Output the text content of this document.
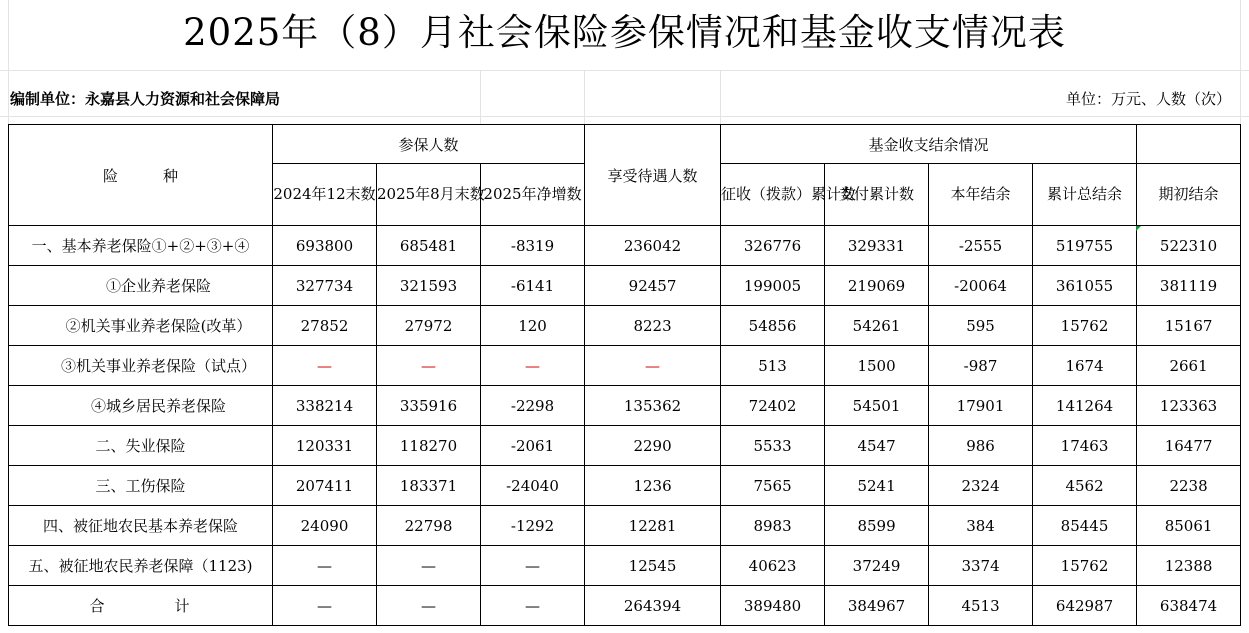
2025年（8）月社会保险参保情况和基金收支情况表
编制单位：永嘉县人力资源和社会保障局	单位：万元、人数（次）
险　　　种	参保人数			享受待遇人数	基金收支结余情况				
	2024年12末数	2025年8月末数	2025年净增数		征收（拨款）累计数	支付累计数	本年结余	累计总结余	期初结余
一、基本养老保险①+②+③+④	693800	685481	-8319	236042	326776	329331	-2555	519755	522310
①企业养老保险	327734	321593	-6141	92457	199005	219069	-20064	361055	381119
②机关事业养老保险(改革）	27852	27972	120	8223	54856	54261	595	15762	15167
③机关事业养老保险（试点）	—	—	—	—	513	1500	-987	1674	2661
④城乡居民养老保险	338214	335916	-2298	135362	72402	54501	17901	141264	123363
二、失业保险	120331	118270	-2061	2290	5533	4547	986	17463	16477
三、工伤保险	207411	183371	-24040	1236	7565	5241	2324	4562	2238
四、被征地农民基本养老保险	24090	22798	-1292	12281	8983	8599	384	85445	85061
五、被征地农民养老保障（1123)	—	—	—	12545	40623	37249	3374	15762	12388
合　　　　计	—	—	—	264394	389480	384967	4513	642987	638474
